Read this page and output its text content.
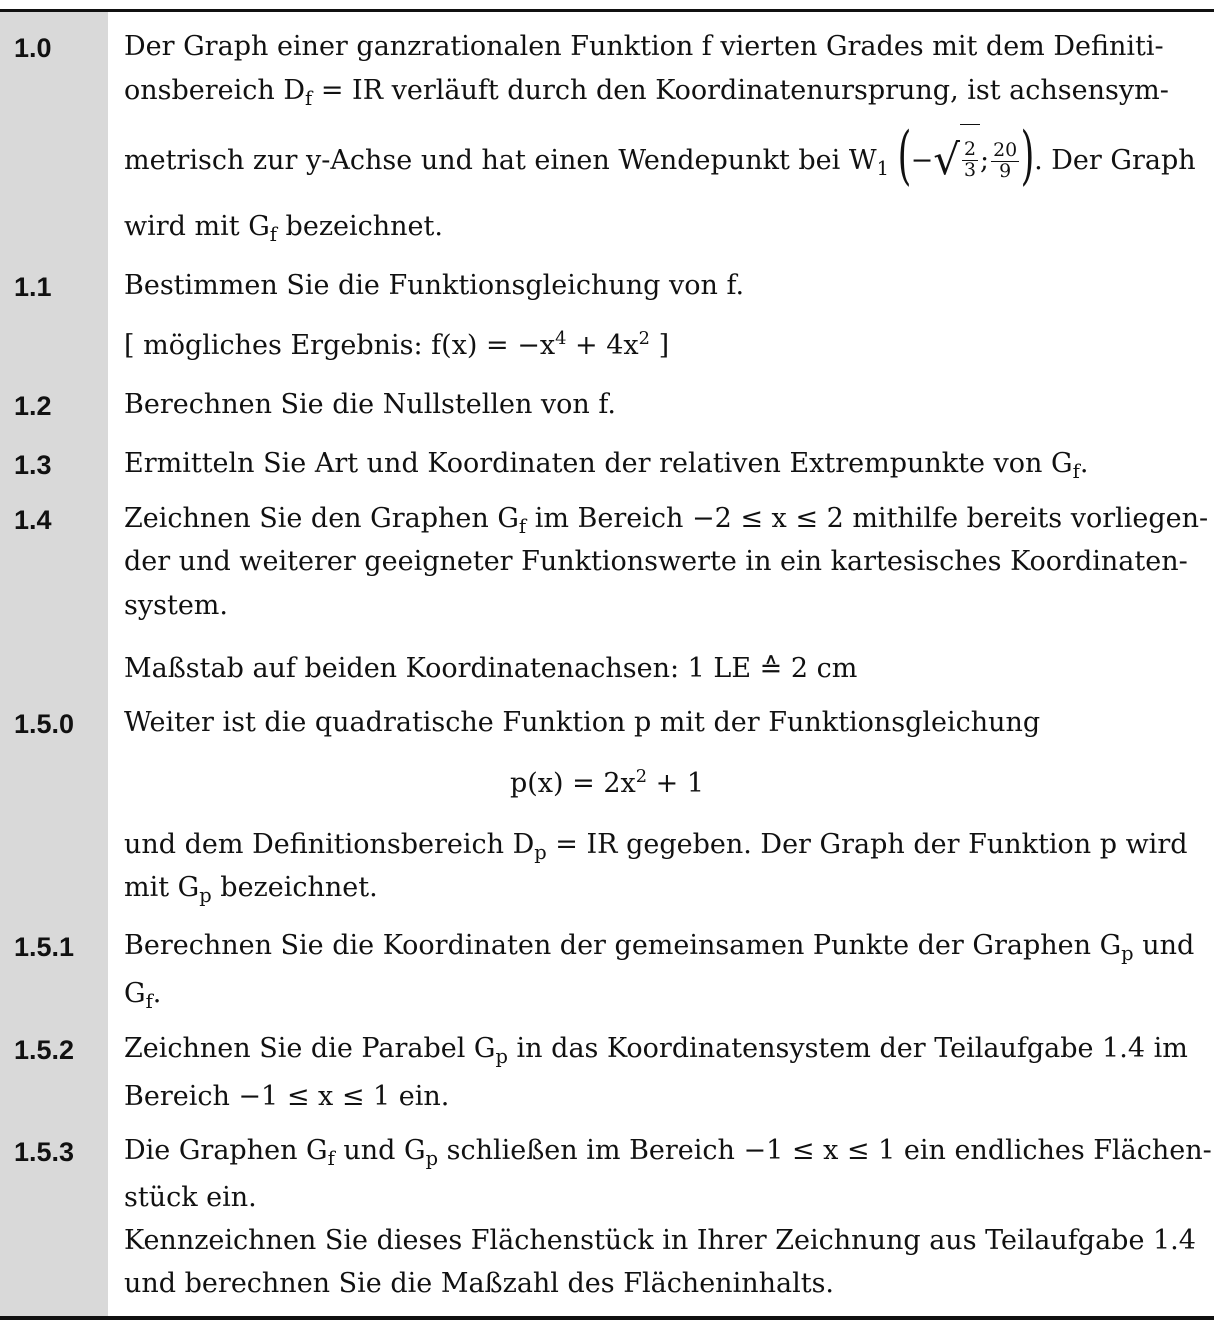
1.0
1.1
1.2
1.3
1.4
1.5.0
1.5.1
1.5.2
1.5.3
Der Graph einer ganzrationalen Funktion f vierten Grades mit dem Definiti-
onsbereich $D_f$ = IR verläuft durch den Koordinatenursprung, ist achsensym-
metrisch zur y-Achse und hat einen Wendepunkt bei $W_1$ (−√ $\frac{2}{3}$ ; $\frac{20}{9}$ ). Der Graph
wird mit $G_f$ bezeichnet.
Bestimmen Sie die Funktionsgleichung von f.
[ mögliches Ergebnis: $f(x) = -x^4 + 4x^2$ ]
Berechnen Sie die Nullstellen von f.
Ermitteln Sie Art und Koordinaten der relativen Extrempunkte von $G_f$.
Zeichnen Sie den Graphen $G_f$ im Bereich −2 ≤ x ≤ 2 mithilfe bereits vorliegen-
der und weiterer geeigneter Funktionswerte in ein kartesisches Koordinaten-
system.
Maßstab auf beiden Koordinatenachsen: 1 LE ≙ 2 cm
Weiter ist die quadratische Funktion p mit der Funktionsgleichung
$p(x) = 2x^2 + 1$
und dem Definitionsbereich $D_p$ = IR gegeben. Der Graph der Funktion p wird
mit $G_p$ bezeichnet.
Berechnen Sie die Koordinaten der gemeinsamen Punkte der Graphen $G_p$ und
$G_f$.
Zeichnen Sie die Parabel $G_p$ in das Koordinatensystem der Teilaufgabe 1.4 im
Bereich −1 ≤ x ≤ 1 ein.
Die Graphen $G_f$ und $G_p$ schließen im Bereich −1 ≤ x ≤ 1 ein endliches Flächen-
stück ein.
Kennzeichnen Sie dieses Flächenstück in Ihrer Zeichnung aus Teilaufgabe 1.4
und berechnen Sie die Maßzahl des Flächeninhalts.
